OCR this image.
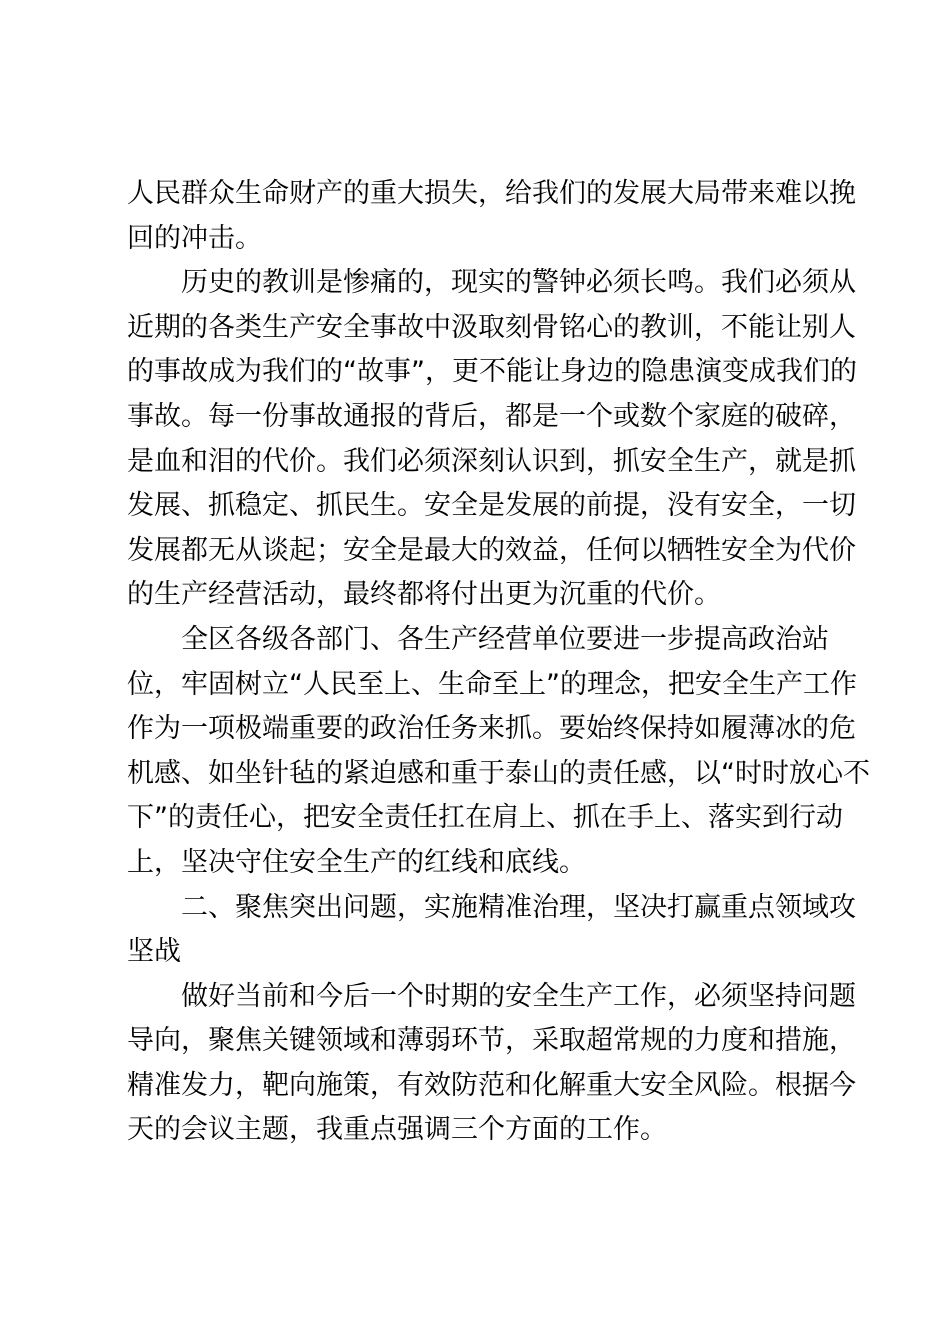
人民群众生命财产的重大损失，给我们的发展大局带来难以挽
回的冲击。
历史的教训是惨痛的，现实的警钟必须长鸣。我们必须从
近期的各类生产安全事故中汲取刻骨铭心的教训，不能让别人
的事故成为我们的“故事”，更不能让身边的隐患演变成我们的
事故。每一份事故通报的背后，都是一个或数个家庭的破碎，
是血和泪的代价。我们必须深刻认识到，抓安全生产，就是抓
发展、抓稳定、抓民生。安全是发展的前提，没有安全，一切
发展都无从谈起；安全是最大的效益，任何以牺牲安全为代价
的生产经营活动，最终都将付出更为沉重的代价。
全区各级各部门、各生产经营单位要进一步提高政治站
位，牢固树立“人民至上、生命至上”的理念，把安全生产工作
作为一项极端重要的政治任务来抓。要始终保持如履薄冰的危
机感、如坐针毡的紧迫感和重于泰山的责任感，以“时时放心不
下”的责任心，把安全责任扛在肩上、抓在手上、落实到行动
上，坚决守住安全生产的红线和底线。
二、聚焦突出问题，实施精准治理，坚决打赢重点领域攻
坚战
做好当前和今后一个时期的安全生产工作，必须坚持问题
导向，聚焦关键领域和薄弱环节，采取超常规的力度和措施，
精准发力，靶向施策，有效防范和化解重大安全风险。根据今
天的会议主题，我重点强调三个方面的工作。
